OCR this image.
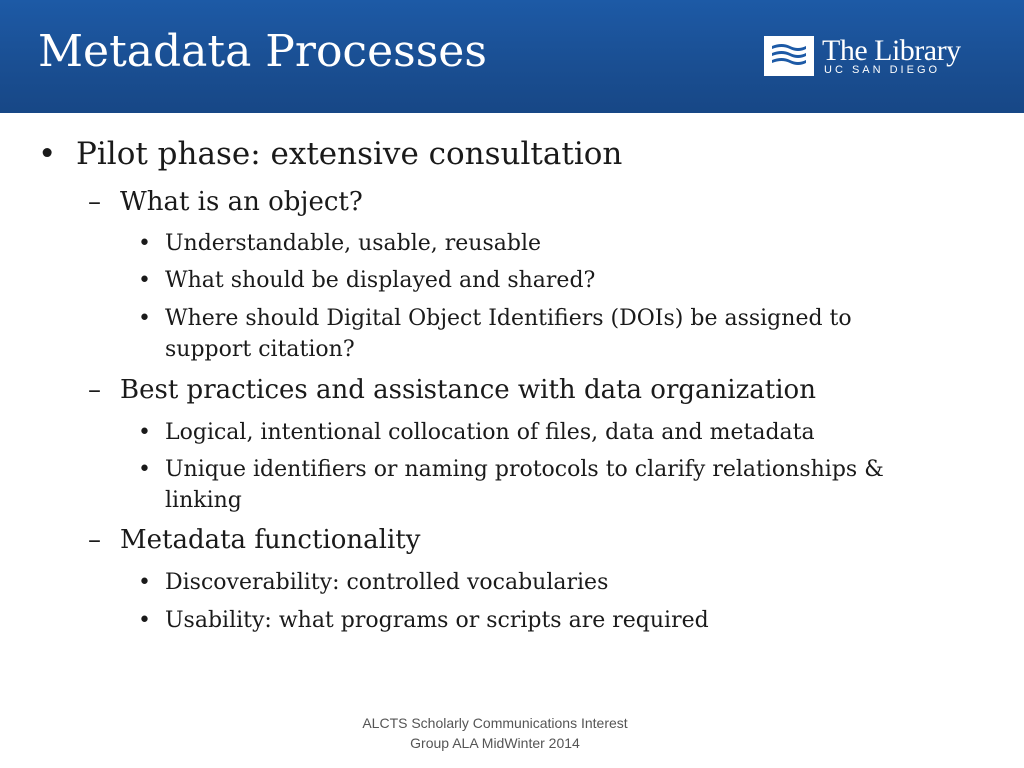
Metadata Processes	The Library
UC SAN DIEGO
• Pilot phase: extensive consultation
– What is an object?
• Understandable, usable, reusable
• What should be displayed and shared?
• Where should Digital Object Identifiers (DOIs) be assigned to
support citation?
– Best practices and assistance with data organization
• Logical, intentional collocation of files, data and metadata
• Unique identifiers or naming protocols to clarify relationships &
linking
– Metadata functionality
• Discoverability: controlled vocabularies
• Usability: what programs or scripts are required
ALCTS Scholarly Communications Interest
Group ALA MidWinter 2014
